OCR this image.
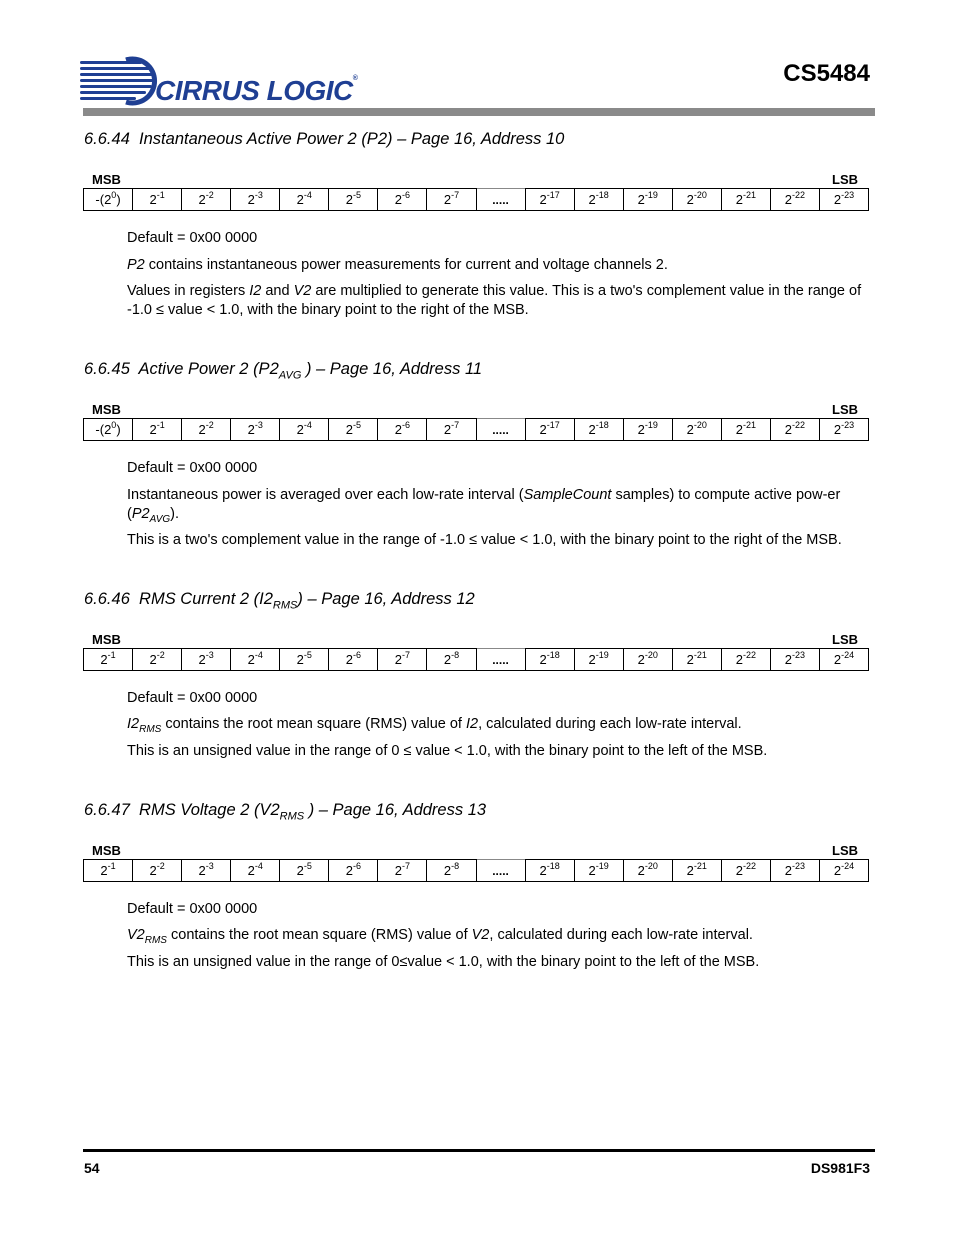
CIRRUS LOGIC®	CS5484
6.6.44 Instantaneous Active Power 2 (P2) – Page 16, Address 10
MSB	LSB
$-(2^0)$	$2^{-1}$	$2^{-2}$	$2^{-3}$	$2^{-4}$	$2^{-5}$	$2^{-6}$	$2^{-7}$	.....	$2^{-17}$	$2^{-18}$	$2^{-19}$	$2^{-20}$	$2^{-21}$	$2^{-22}$	$2^{-23}$
Default = 0x00 0000
P2 contains instantaneous power measurements for current and voltage channels 2.
Values in registers I2 and V2 are multiplied to generate this value. This is a two's complement value in the range of -1.0 ≤ value < 1.0, with the binary point to the right of the MSB.
6.6.45 Active Power 2 ($P2_{AVG}$ ) – Page 16, Address 11
MSB	LSB
$-(2^0)$	$2^{-1}$	$2^{-2}$	$2^{-3}$	$2^{-4}$	$2^{-5}$	$2^{-6}$	$2^{-7}$	.....	$2^{-17}$	$2^{-18}$	$2^{-19}$	$2^{-20}$	$2^{-21}$	$2^{-22}$	$2^{-23}$
Default = 0x00 0000
Instantaneous power is averaged over each low-rate interval (SampleCount samples) to compute active pow-er $(P2_{AVG})$.
This is a two's complement value in the range of -1.0 ≤ value < 1.0, with the binary point to the right of the MSB.
6.6.46 RMS Current 2 $(I2_{RMS})$ – Page 16, Address 12
MSB	LSB
$2^{-1}$	$2^{-2}$	$2^{-3}$	$2^{-4}$	$2^{-5}$	$2^{-6}$	$2^{-7}$	$2^{-8}$	.....	$2^{-18}$	$2^{-19}$	$2^{-20}$	$2^{-21}$	$2^{-22}$	$2^{-23}$	$2^{-24}$
Default = 0x00 0000
$I2_{RMS}$ contains the root mean square (RMS) value of I2, calculated during each low-rate interval.
This is an unsigned value in the range of 0 ≤ value < 1.0, with the binary point to the left of the MSB.
6.6.47 RMS Voltage 2 ($V2_{RMS}$ ) – Page 16, Address 13
MSB	LSB
$2^{-1}$	$2^{-2}$	$2^{-3}$	$2^{-4}$	$2^{-5}$	$2^{-6}$	$2^{-7}$	$2^{-8}$	.....	$2^{-18}$	$2^{-19}$	$2^{-20}$	$2^{-21}$	$2^{-22}$	$2^{-23}$	$2^{-24}$
Default = 0x00 0000
$V2_{RMS}$ contains the root mean square (RMS) value of V2, calculated during each low-rate interval.
This is an unsigned value in the range of 0≤value < 1.0, with the binary point to the left of the MSB.
54	DS981F3
